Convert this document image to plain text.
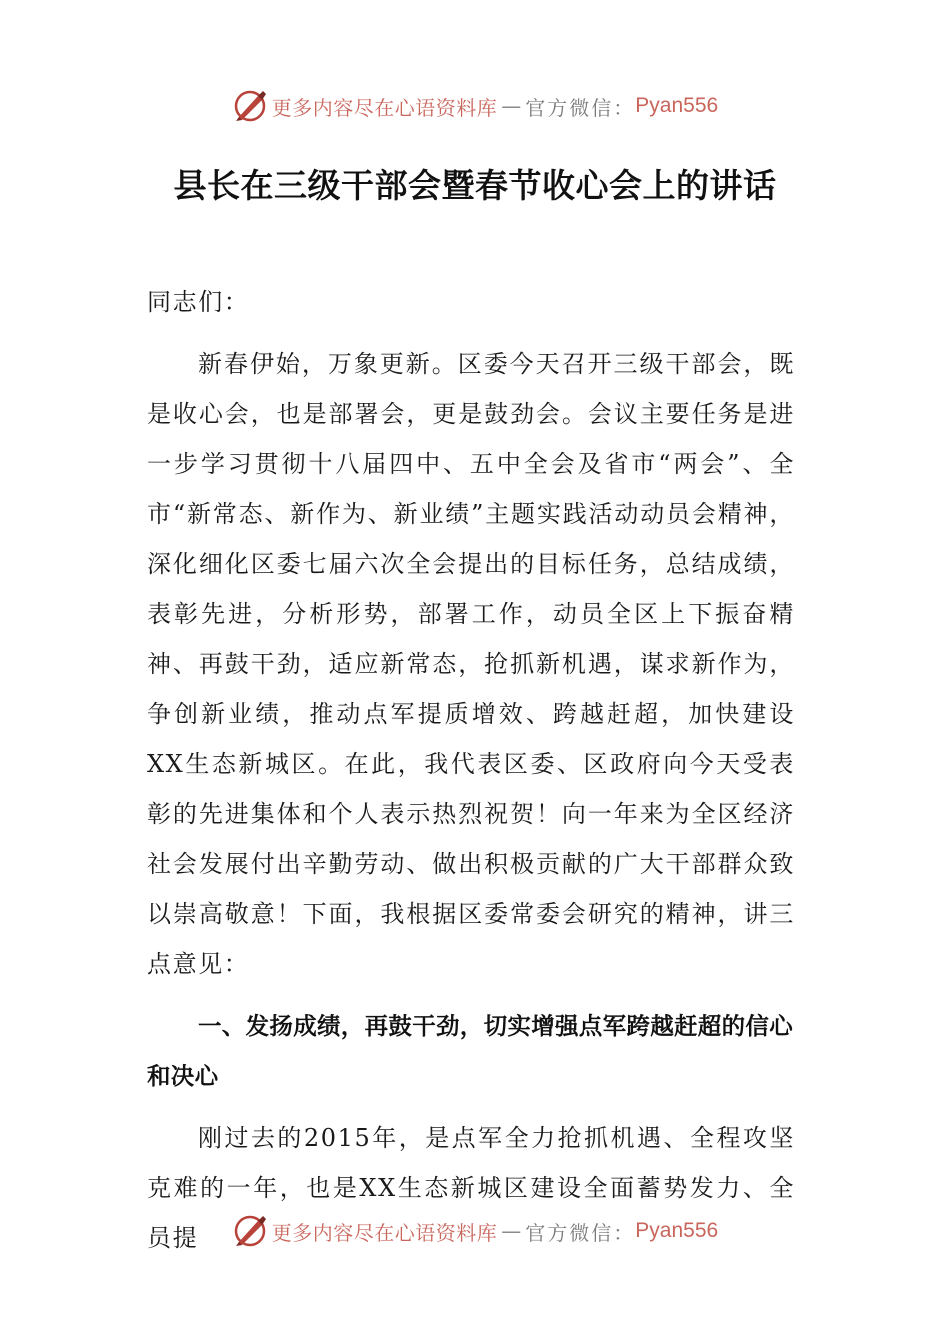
更多内容尽在心语资料库 — 官方微信： Pyan556
县长在三级干部会暨春节收心会上的讲话

同志们：

新春伊始，万象更新。区委今天召开三级干部会，既是收心会，也是部署会，更是鼓劲会。会议主要任务是进一步学习贯彻十八届四中、五中全会及省市“两会”、全市“新常态、新作为、新业绩”主题实践活动动员会精神，深化细化区委七届六次全会提出的目标任务，总结成绩，表彰先进，分析形势，部署工作，动员全区上下振奋精神、再鼓干劲，适应新常态，抢抓新机遇，谋求新作为，争创新业绩，推动点军提质增效、跨越赶超，加快建设XX生态新城区。在此，我代表区委、区政府向今天受表彰的先进集体和个人表示热烈祝贺！向一年来为全区经济社会发展付出辛勤劳动、做出积极贡献的广大干部群众致以崇高敬意！下面，我根据区委常委会研究的精神，讲三点意见：

一、发扬成绩，再鼓干劲，切实增强点军跨越赶超的信心和决心

刚过去的2015年，是点军全力抢抓机遇、全程攻坚克难的一年，也是XX生态新城区建设全面蓄势发力、全员提	更多内容尽在心语资料库 — 官方微信： Pyan556
